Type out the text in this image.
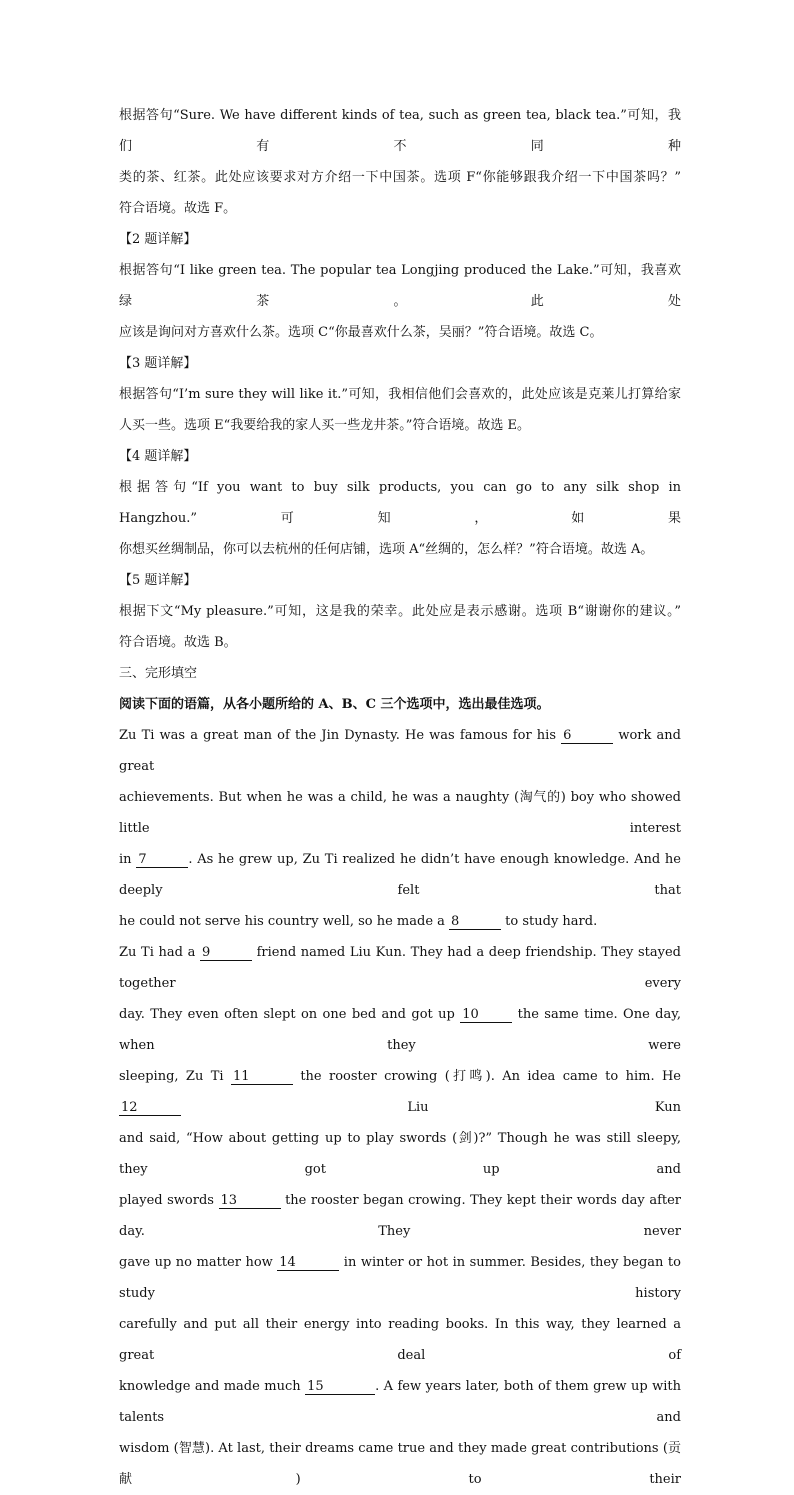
根据答句“Sure. We have different kinds of tea, such as green tea, black tea.”可知，我们有不同种

类的茶、红茶。此处应该要求对方介绍一下中国茶。选项 F“你能够跟我介绍一下中国茶吗？”

符合语境。故选 F。

【2 题详解】

根据答句“I like green tea. The popular tea Longjing produced the Lake.”可知，我喜欢绿茶。此处

应该是询问对方喜欢什么茶。选项 C“你最喜欢什么茶，吴丽？”符合语境。故选 C。

【3 题详解】

根据答句“I’m sure they will like it.”可知，我相信他们会喜欢的，此处应该是克莱儿打算给家

人买一些。选项 E“我要给我的家人买一些龙井茶。”符合语境。故选 E。

【4 题详解】

根据答句“If you want to buy silk products, you can go to any silk shop in Hangzhou.”可知，如果

你想买丝绸制品，你可以去杭州的任何店铺，选项 A“丝绸的，怎么样？”符合语境。故选 A。

【5 题详解】

根据下文“My pleasure.”可知，这是我的荣幸。此处应是表示感谢。选项 B“谢谢你的建议。”

符合语境。故选 B。

三、完形填空

阅读下面的语篇，从各小题所给的 A、B、C 三个选项中，选出最佳选项。

Zu Ti was a great man of the Jin Dynasty. He was famous for his 6	work and great

achievements. But when he was a child, he was a naughty (淘气的) boy who showed little interest

in 7	. As he grew up, Zu Ti realized he didn’t have enough knowledge. And he deeply felt that

he could not serve his country well, so he made a 8	to study hard.

Zu Ti had a 9	friend named Liu Kun. They had a deep friendship. They stayed together every

day. They even often slept on one bed and got up 10	the same time. One day, when they were

sleeping, Zu Ti 11	the rooster crowing (打鸣). An idea came to him. He 12	Liu Kun

and said, “How about getting up to play swords (剑)?” Though he was still sleepy, they got up and

played swords 13	the rooster began crowing. They kept their words day after day. They never

gave up no matter how 14	in winter or hot in summer. Besides, they began to study history

carefully and put all their energy into reading books. In this way, they learned a great deal of

knowledge and made much 15	. A few years later, both of them grew up with talents and

wisdom (智慧). At last, their dreams came true and they made great contributions (贡献) to their
